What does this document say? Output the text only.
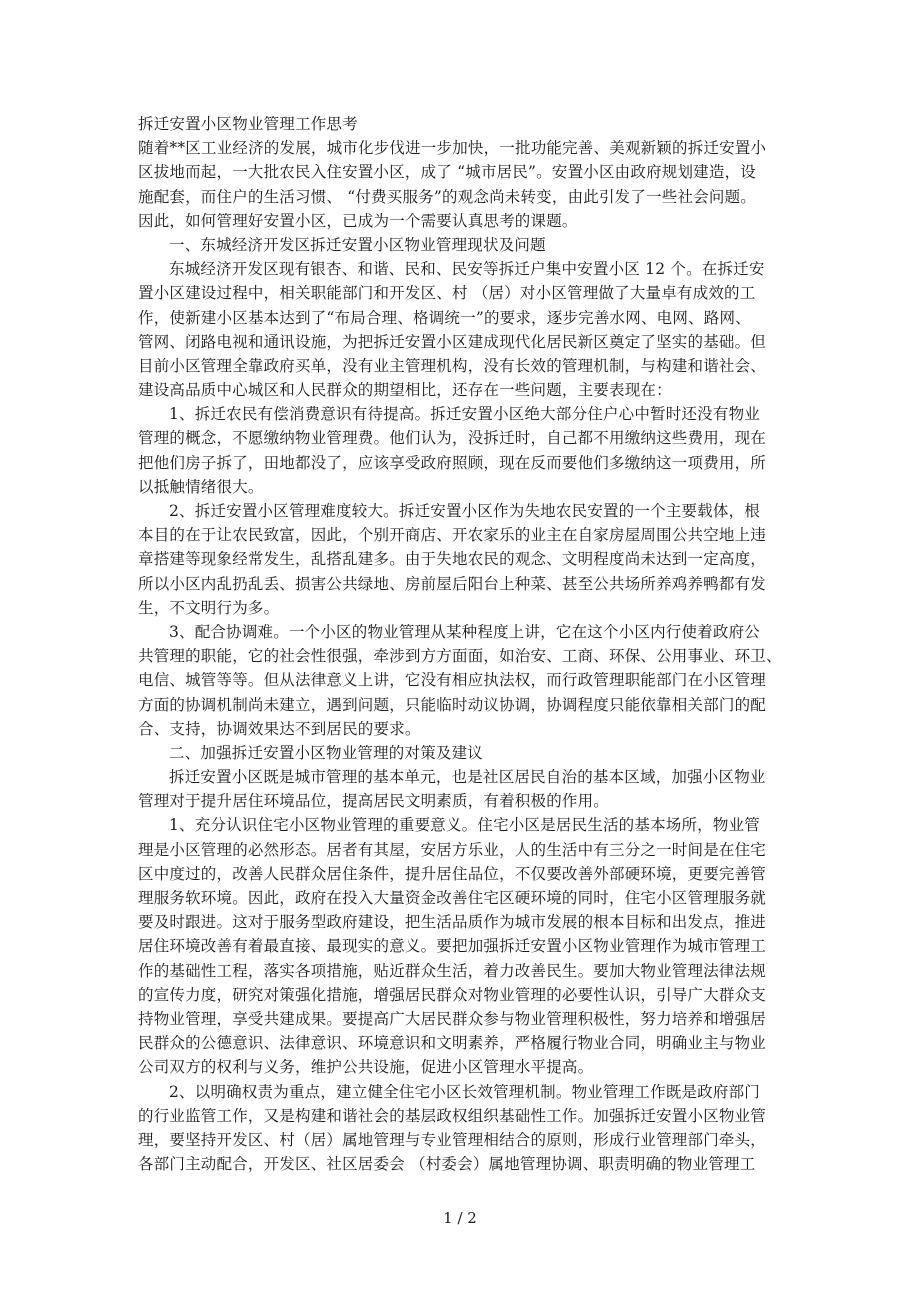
拆迁安置小区物业管理工作思考
随着**区工业经济的发展，城市化步伐进一步加快，一批功能完善、美观新颖的拆迁安置小
区拔地而起，一大批农民入住安置小区，成了 “城市居民”。安置小区由政府规划建造，设
施配套，而住户的生活习惯、 “付费买服务”的观念尚未转变，由此引发了一些社会问题。
因此，如何管理好安置小区，已成为一个需要认真思考的课题。
一、东城经济开发区拆迁安置小区物业管理现状及问题
东城经济开发区现有银杏、和谐、民和、民安等拆迁户集中安置小区 12 个。在拆迁安
置小区建设过程中，相关职能部门和开发区、村 （居）对小区管理做了大量卓有成效的工
作，使新建小区基本达到了“布局合理、格调统一”的要求，逐步完善水网、电网、路网、
管网、闭路电视和通讯设施，为把拆迁安置小区建成现代化居民新区奠定了坚实的基础。但
目前小区管理全靠政府买单，没有业主管理机构，没有长效的管理机制，与构建和谐社会、
建设高品质中心城区和人民群众的期望相比，还存在一些问题，主要表现在：
1、拆迁农民有偿消费意识有待提高。拆迁安置小区绝大部分住户心中暂时还没有物业
管理的概念，不愿缴纳物业管理费。他们认为，没拆迁时，自己都不用缴纳这些费用，现在
把他们房子拆了，田地都没了，应该享受政府照顾，现在反而要他们多缴纳这一项费用，所
以抵触情绪很大。
2、拆迁安置小区管理难度较大。拆迁安置小区作为失地农民安置的一个主要载体，根
本目的在于让农民致富，因此，个别开商店、开农家乐的业主在自家房屋周围公共空地上违
章搭建等现象经常发生，乱搭乱建多。由于失地农民的观念、文明程度尚未达到一定高度，
所以小区内乱扔乱丢、损害公共绿地、房前屋后阳台上种菜、甚至公共场所养鸡养鸭都有发
生，不文明行为多。
3、配合协调难。一个小区的物业管理从某种程度上讲，它在这个小区内行使着政府公
共管理的职能，它的社会性很强，牵涉到方方面面，如治安、工商、环保、公用事业、环卫、
电信、城管等等。但从法律意义上讲，它没有相应执法权，而行政管理职能部门在小区管理
方面的协调机制尚未建立，遇到问题，只能临时动议协调，协调程度只能依靠相关部门的配
合、支持，协调效果达不到居民的要求。
二、加强拆迁安置小区物业管理的对策及建议
拆迁安置小区既是城市管理的基本单元，也是社区居民自治的基本区域，加强小区物业
管理对于提升居住环境品位，提高居民文明素质，有着积极的作用。
1、充分认识住宅小区物业管理的重要意义。住宅小区是居民生活的基本场所，物业管
理是小区管理的必然形态。居者有其屋，安居方乐业，人的生活中有三分之一时间是在住宅
区中度过的，改善人民群众居住条件，提升居住品位，不仅要改善外部硬环境，更要完善管
理服务软环境。因此，政府在投入大量资金改善住宅区硬环境的同时，住宅小区管理服务就
要及时跟进。这对于服务型政府建设，把生活品质作为城市发展的根本目标和出发点，推进
居住环境改善有着最直接、最现实的意义。要把加强拆迁安置小区物业管理作为城市管理工
作的基础性工程，落实各项措施，贴近群众生活，着力改善民生。要加大物业管理法律法规
的宣传力度，研究对策强化措施，增强居民群众对物业管理的必要性认识，引导广大群众支
持物业管理，享受共建成果。要提高广大居民群众参与物业管理积极性，努力培养和增强居
民群众的公德意识、法律意识、环境意识和文明素养，严格履行物业合同，明确业主与物业
公司双方的权利与义务，维护公共设施，促进小区管理水平提高。
2、以明确权责为重点，建立健全住宅小区长效管理机制。物业管理工作既是政府部门
的行业监管工作，又是构建和谐社会的基层政权组织基础性工作。加强拆迁安置小区物业管
理，要坚持开发区、村（居）属地管理与专业管理相结合的原则，形成行业管理部门牵头，
各部门主动配合，开发区、社区居委会 （村委会）属地管理协调、职责明确的物业管理工
1 / 2
